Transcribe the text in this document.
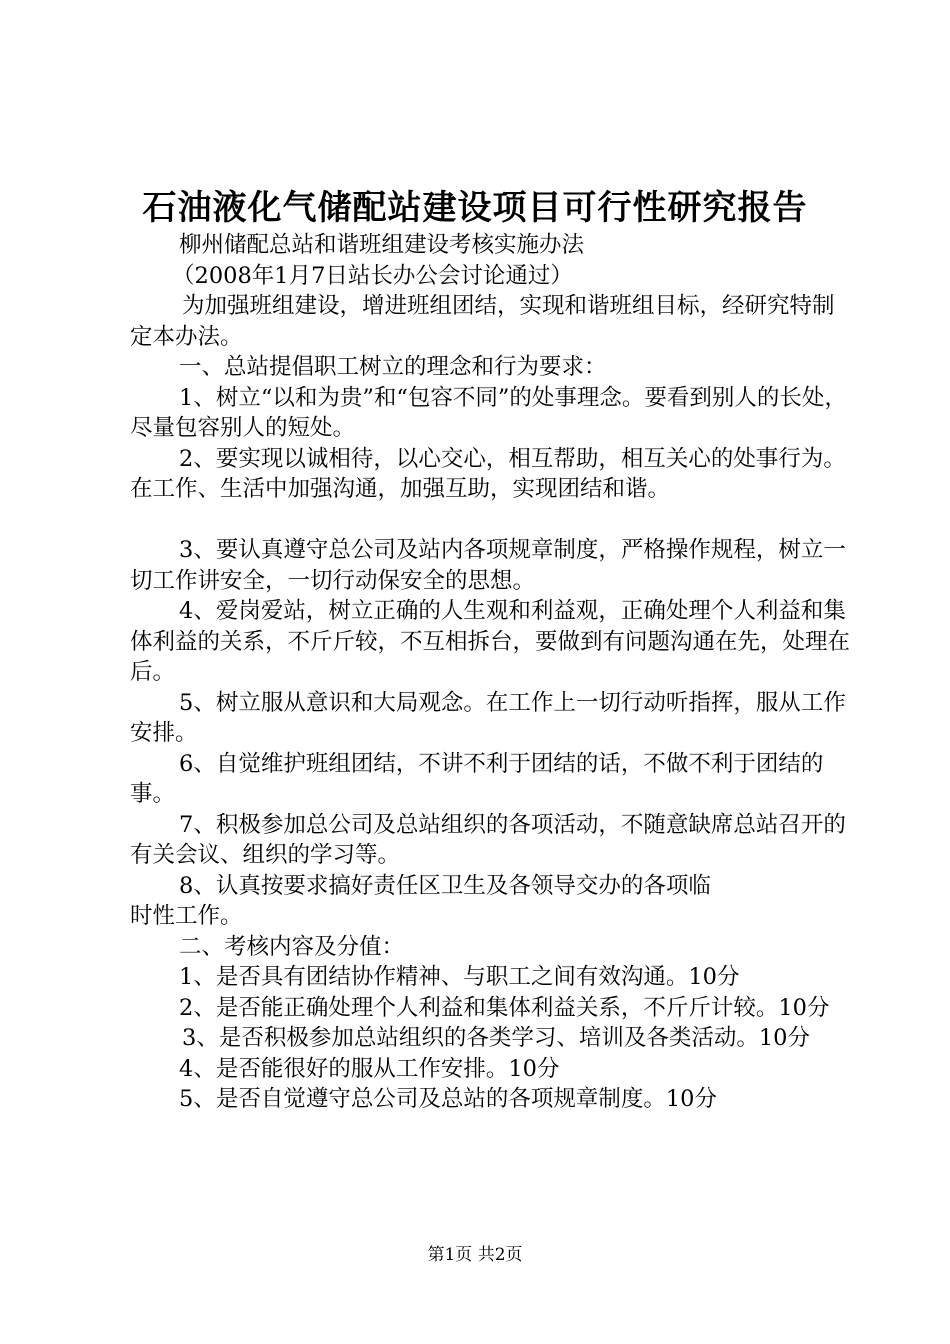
石油液化气储配站建设项目可行性研究报告
柳州储配总站和谐班组建设考核实施办法
（2008年1月7日站长办公会讨论通过）
为加强班组建设，增进班组团结，实现和谐班组目标，经研究特制定本办法。
一、总站提倡职工树立的理念和行为要求：
1、树立“以和为贵”和“包容不同”的处事理念。要看到别人的长处，尽量包容别人的短处。
2、要实现以诚相待，以心交心，相互帮助，相互关心的处事行为。在工作、生活中加强沟通，加强互助，实现团结和谐。
3、要认真遵守总公司及站内各项规章制度，严格操作规程，树立一切工作讲安全，一切行动保安全的思想。
4、爱岗爱站，树立正确的人生观和利益观，正确处理个人利益和集体利益的关系，不斤斤较，不互相拆台，要做到有问题沟通在先，处理在后。
5、树立服从意识和大局观念。在工作上一切行动听指挥，服从工作安排。
6、自觉维护班组团结，不讲不利于团结的话，不做不利于团结的事。
7、积极参加总公司及总站组织的各项活动，不随意缺席总站召开的有关会议、组织的学习等。
8、认真按要求搞好责任区卫生及各领导交办的各项临
时性工作。
二、考核内容及分值：
1、是否具有团结协作精神、与职工之间有效沟通。10分
2、是否能正确处理个人利益和集体利益关系，不斤斤计较。10分
3、是否积极参加总站组织的各类学习、培训及各类活动。10分
4、是否能很好的服从工作安排。10分
5、是否自觉遵守总公司及总站的各项规章制度。10分
第1页 共2页
